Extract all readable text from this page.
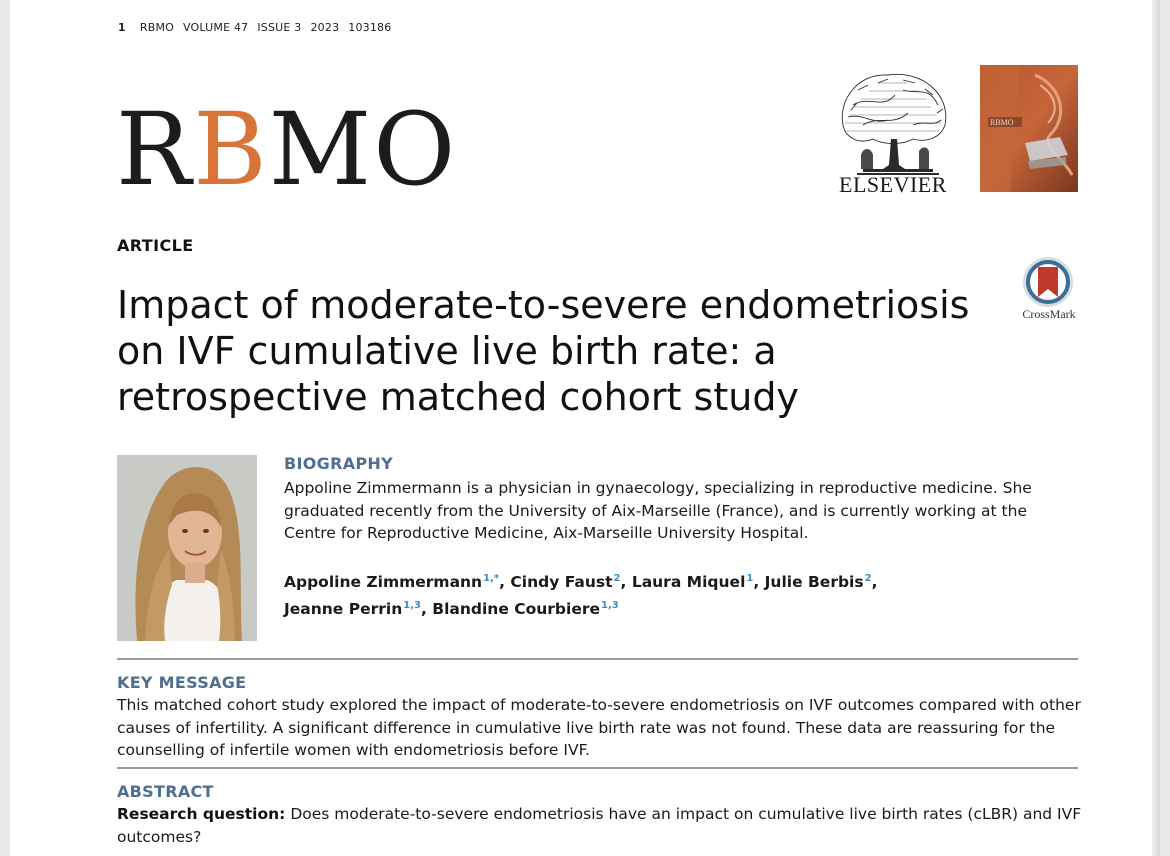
1 RBMO VOLUME 47 ISSUE 3 2023 103186
RBMO	ELSEVIER
RBMO
CrossMark
ARTICLE
Impact of moderate-to-severe endometriosis on IVF cumulative live birth rate: a retrospective matched cohort study
BIOGRAPHY

Appoline Zimmermann is a physician in gynaecology, specializing in reproductive medicine. She graduated recently from the University of Aix-Marseille (France), and is currently working at the Centre for Reproductive Medicine, Aix-Marseille University Hospital.

Appoline Zimmermann$^{1,*}$, Cindy Faust$^2$, Laura Miquel$^1$, Julie Berbis$^2$,
Jeanne Perrin$^{1,3}$, Blandine Courbiere$^{1,3}$
KEY MESSAGE

This matched cohort study explored the impact of moderate-to-severe endometriosis on IVF outcomes compared with other causes of infertility. A significant difference in cumulative live birth rate was not found. These data are reassuring for the counselling of infertile women with endometriosis before IVF.

ABSTRACT

Research question: Does moderate-to-severe endometriosis have an impact on cumulative live birth rates (cLBR) and IVF outcomes?
